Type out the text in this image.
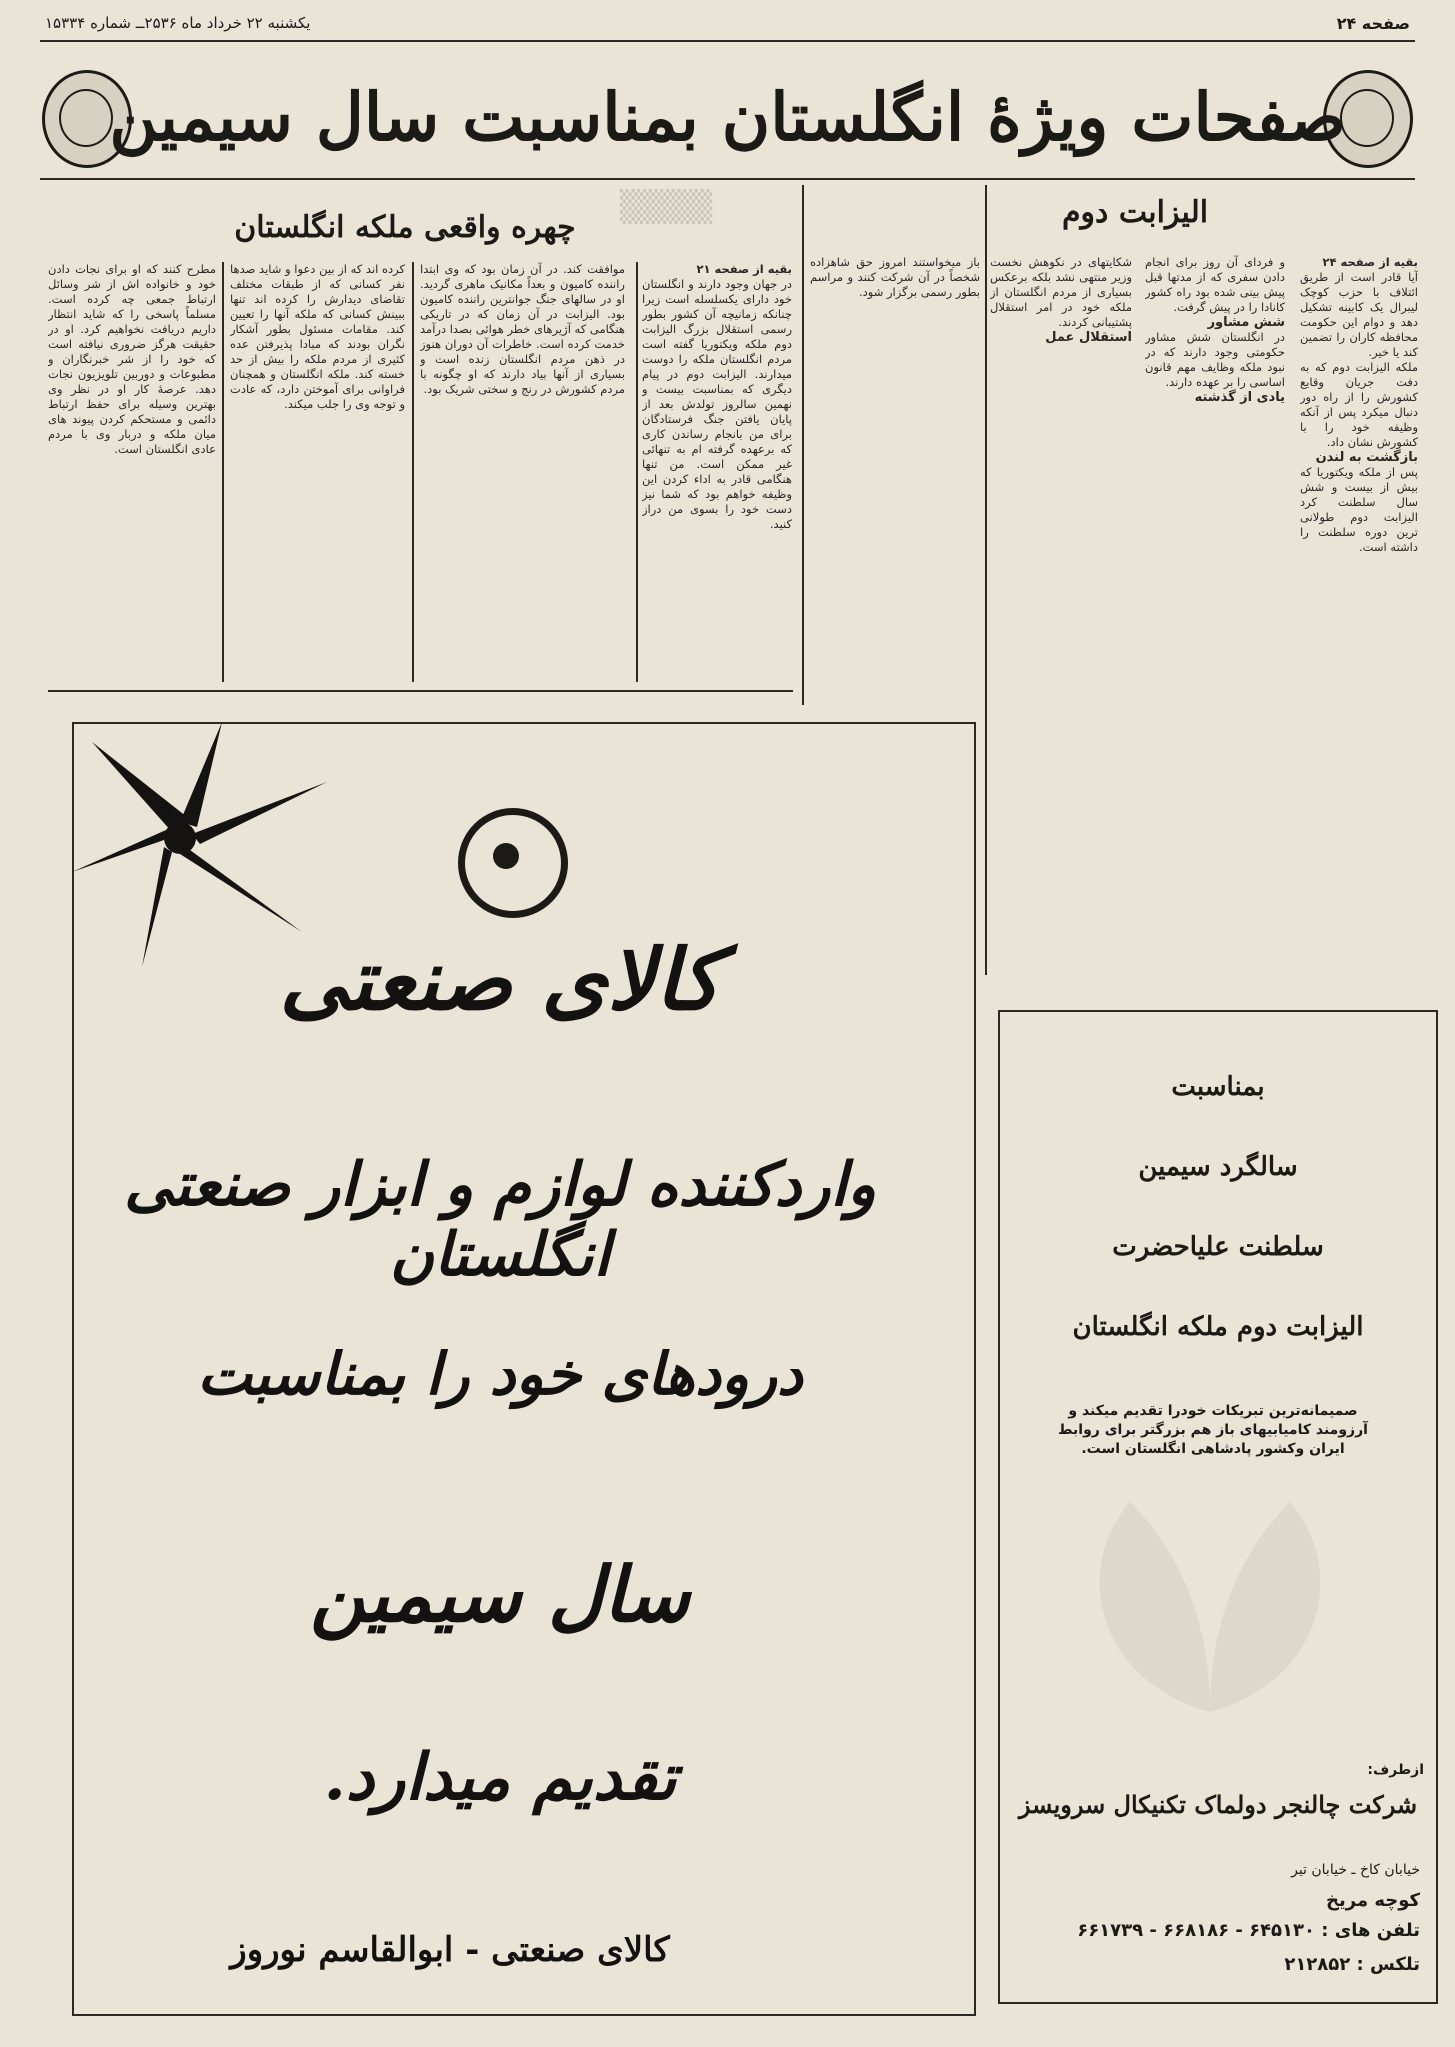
صفحه ۲۴
یکشنبه ۲۲ خرداد ماه ۲۵۳۶ــ شماره ۱۵۳۳۴
صفحات ویژهٔ انگلستان بمناسبت سال سیمین
▒▒▒▒	الیزابت دوم
بقیه از صفحه ۲۴
آیا قادر است از طریق ائتلاف با حزب کوچک لیبرال یک کابینه تشکیل دهد و دوام این حکومت محافظه کاران را تضمین کند یا خیر.
ملکه الیزابت دوم که به دفت جریان وقایع کشورش را از راه دور دنبال میکرد پس از آنکه وظیفه خود را با کشورش نشان داد.
بازگشت به لندن
پس از ملکه ویکتوریا که بیش از بیست و شش سال سلطنت کرد الیزابت دوم طولانی ترین دوره سلطنت را داشته است.
و فردای آن روز برای انجام دادن سفری که از مدتها قبل پیش بینی شده بود راه کشور کانادا را در پیش گرفت.
شش مشاور
در انگلستان شش مشاور حکومتی وجود دارند که در نبود ملکه وظایف مهم قانون اساسی را بر عهده دارند.
یادی از گذشته
شکایتهای در نکوهش نخست وزیر منتهی نشد بلکه برعکس بسیاری از مردم انگلستان از ملکه خود در امر استقلال پشتیبانی کردند.
استقلال عمل
باز میخواستند امروز حق شاهزاده شخصاً در آن شرکت کنند و مراسم بطور رسمی برگزار شود.
چهره واقعی ملکه انگلستان
بقیه از صفحه ۲۱
در جهان وجود دارند و انگلستان خود دارای یکسلسله است زیرا چنانکه زمانیچه آن کشور بطور رسمی استقلال بزرگ الیزابت دوم ملکه ویکتوریا گفته است مردم انگلستان ملکه را دوست میدارند. الیزابت دوم در پیام دیگری که بمناسبت بیست و نهمین سالروز تولدش بعد از پایان یافتن جنگ فرستادگان برای من بانجام رساندن کاری که برعهده گرفته ام به تنهائی غیر ممکن است. من تنها هنگامی قادر به اداء کردن این وظیفه خواهم بود که شما نیز دست خود را بسوی من دراز کنید.
موافقت کند. در آن زمان بود که وی ابتدا راننده کامیون و بعداً مکانیک ماهری گردید. او در سالهای جنگ جوانترین راننده کامیون بود. الیزابت در آن زمان که در تاریکی هنگامی که آژیرهای خطر هوائی بصدا درآمد خدمت کرده است. خاطرات آن دوران هنوز در ذهن مردم انگلستان زنده است و بسیاری از آنها بیاد دارند که او چگونه با مردم کشورش در رنج و سختی شریک بود.
کرده اند که از بین دعوا و شاید صدها نفر کسانی که از طبقات مختلف تقاضای دیدارش را کرده اند تنها ببینش کسانی که ملکه آنها را تعیین کند. مقامات مسئول بطور آشکار نگران بودند که مبادا پذیرفتن عده کثیری از مردم ملکه را بیش از حد خسته کند. ملکه انگلستان و همچنان فراوانی برای آموختن دارد، که عادت و توجه وی را جلب میکند.
مطرح کنند که او برای نجات دادن خود و خانواده اش از شر وسائل ارتباط جمعی چه کرده است. مسلماً پاسخی را که شاید انتظار داریم دریافت نخواهیم کرد. او در حقیقت هرگز ضروری نیافته است که خود را از شر خبرنگاران و مطبوعات و دوربین تلویزیون نجات دهد. عرصهٔ کار او در نظر وی بهترین وسیله برای حفظ ارتباط دائمی و مستحکم کردن پیوند های میان ملکه و دربار وی با مردم عادی انگلستان است.
کالای صنعتی
واردکننده لوازم و ابزار صنعتی انگلستان
درودهای خود را بمناسبت
سال سیمین
تقدیم میدارد.
کالای صنعتی - ابوالقاسم نوروز
بمناسبت
سالگرد سیمین
سلطنت علیاحضرت
الیزابت دوم ملکه انگلستان
صمیمانه‌ترین تبریکات خودرا تقدیم میکند و آرزومند کامیابیهای باز هم بزرگتر برای روابط ایران وکشور پادشاهی انگلستان است.
ازطرف:
شرکت چالنجر دولماک تکنیکال سرویسز
خیابان کاخ ـ خیابان تیر
کوچه مریخ
تلفن های : ۶۴۵۱۳۰ - ۶۶۸۱۸۶ - ۶۶۱۷۳۹
تلکس : ۲۱۲۸۵۲
